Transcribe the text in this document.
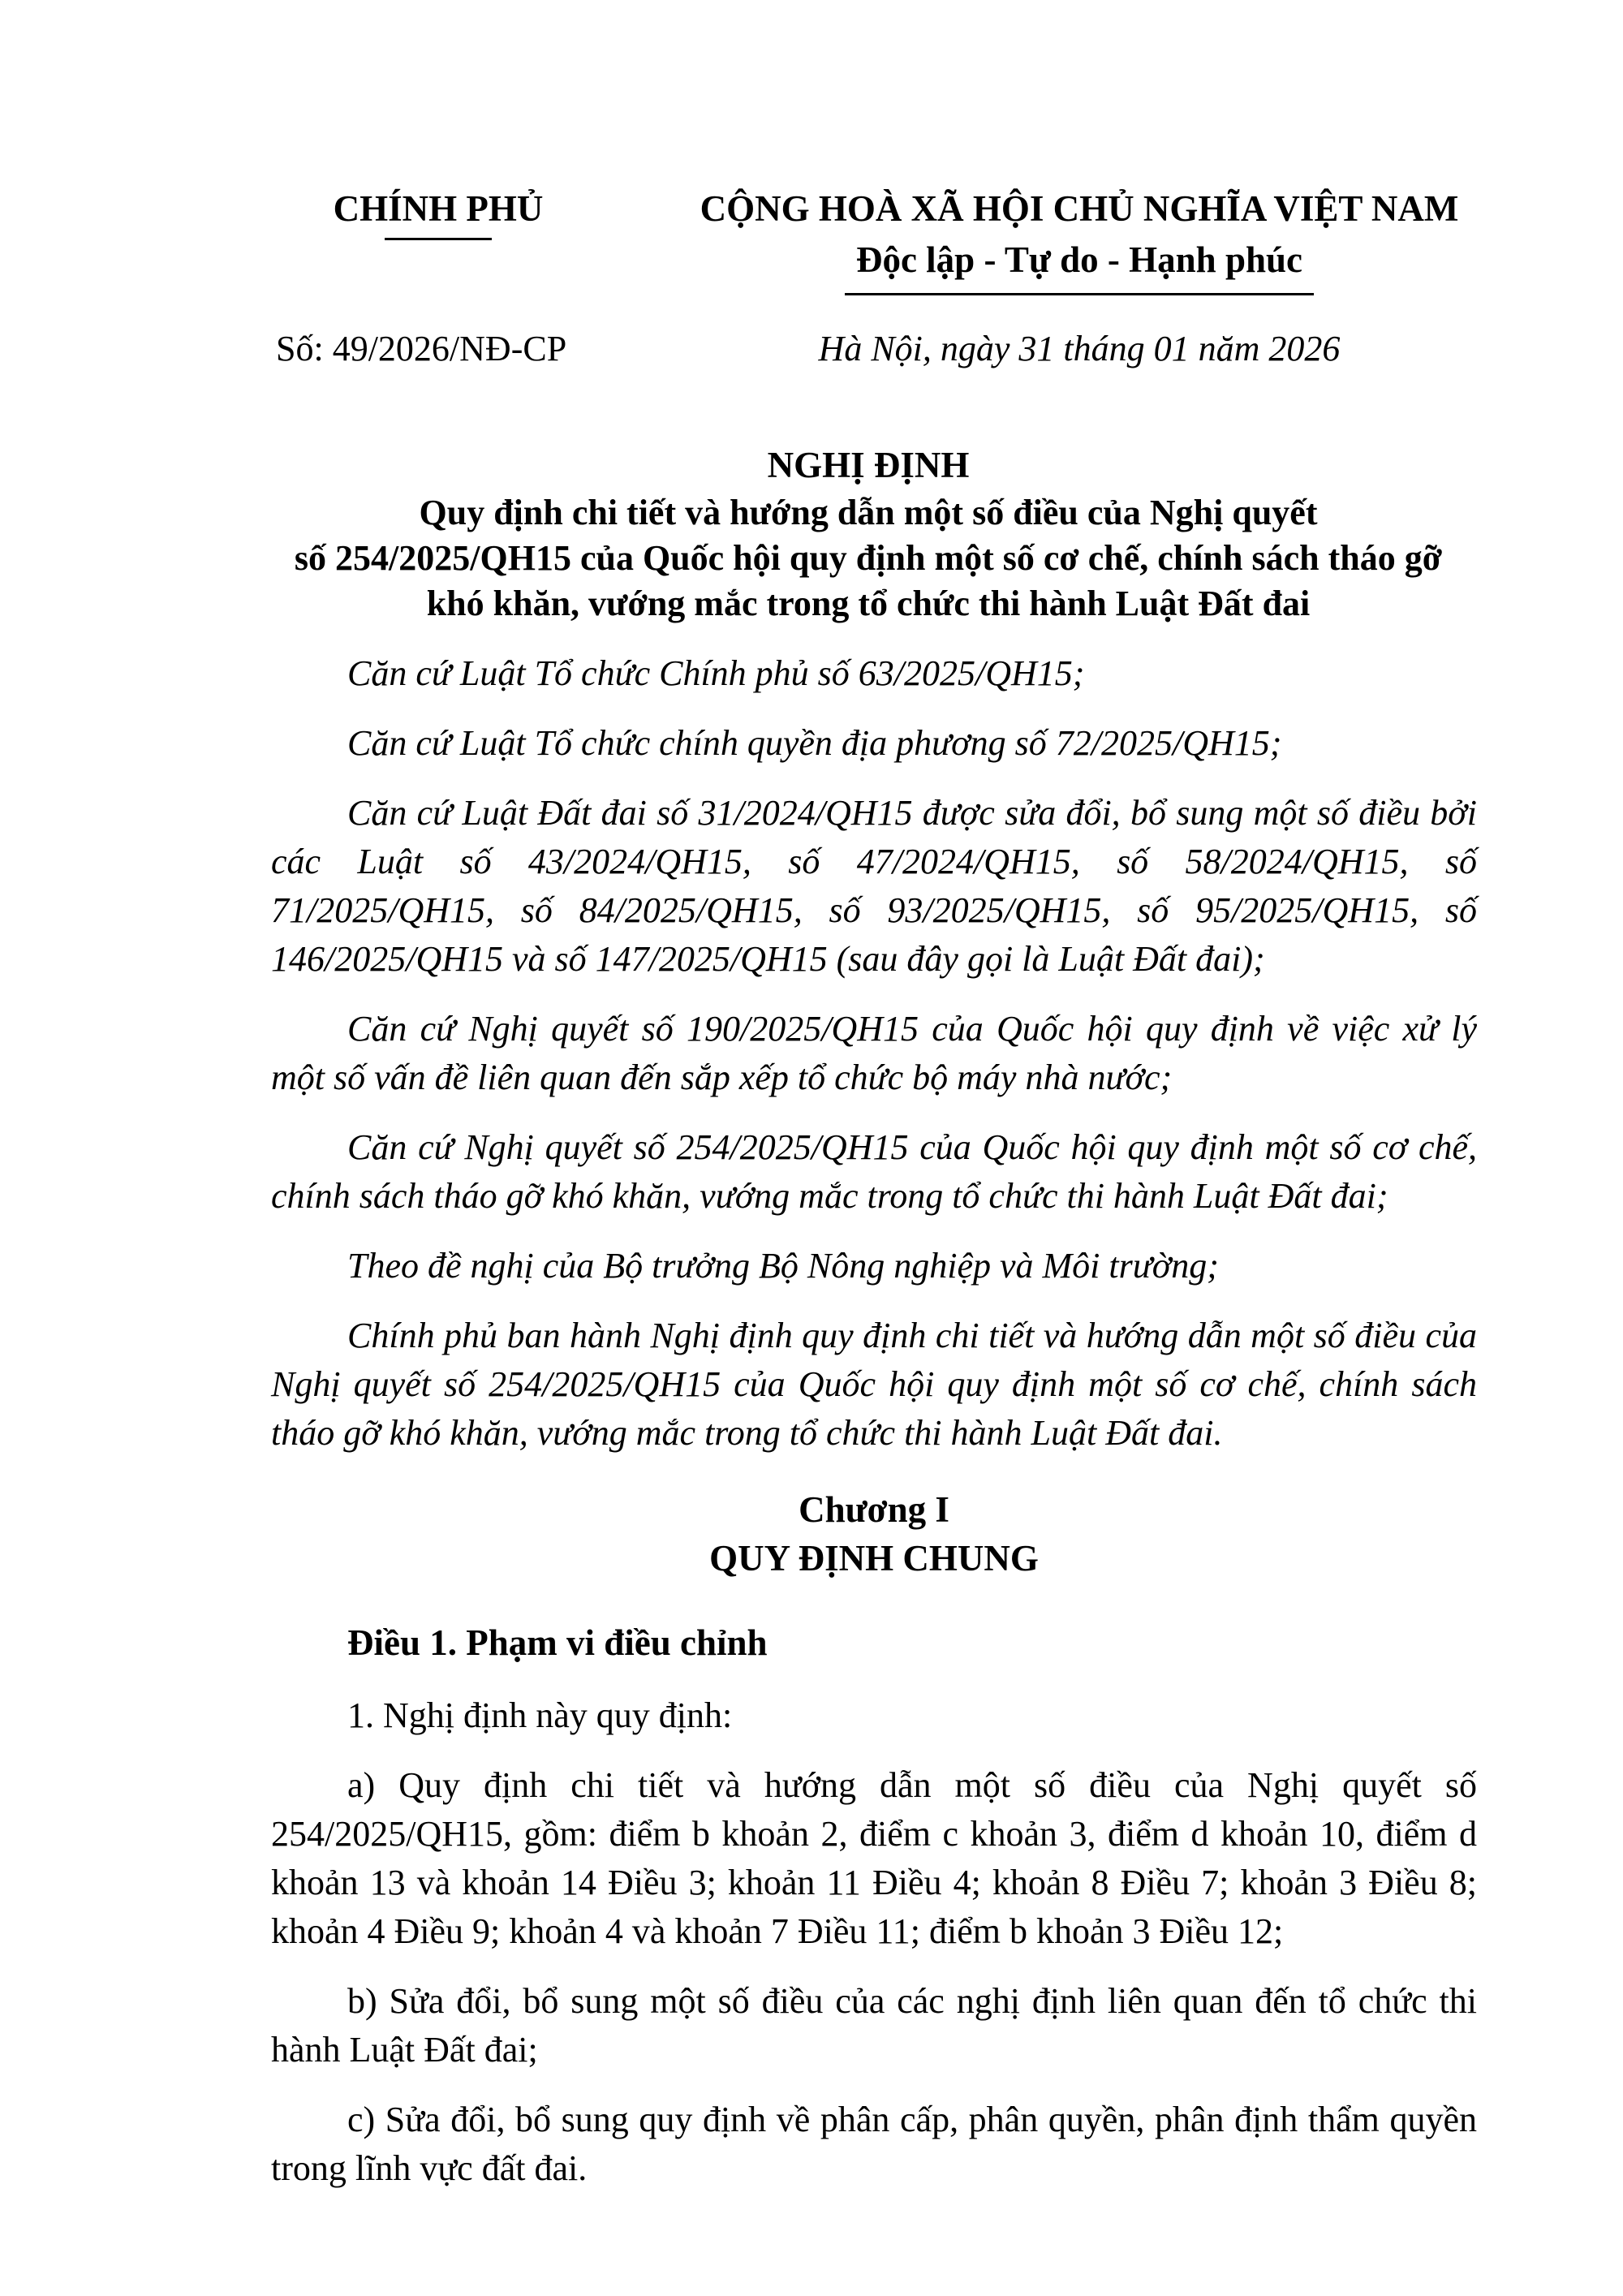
CHÍNH PHỦ	CỘNG HOÀ XÃ HỘI CHỦ NGHĨA VIỆT NAM
Độc lập - Tự do - Hạnh phúc
Số: 49/2026/NĐ-CP	Hà Nội, ngày 31 tháng 01 năm 2026
NGHỊ ĐỊNH
Quy định chi tiết và hướng dẫn một số điều của Nghị quyết
số 254/2025/QH15 của Quốc hội quy định một số cơ chế, chính sách tháo gỡ
khó khăn, vướng mắc trong tổ chức thi hành Luật Đất đai

Căn cứ Luật Tổ chức Chính phủ số 63/2025/QH15;

Căn cứ Luật Tổ chức chính quyền địa phương số 72/2025/QH15;

Căn cứ Luật Đất đai số 31/2024/QH15 được sửa đổi, bổ sung một số điều bởi các Luật số 43/2024/QH15, số 47/2024/QH15, số 58/2024/QH15, số 71/2025/QH15, số 84/2025/QH15, số 93/2025/QH15, số 95/2025/QH15, số 146/2025/QH15 và số 147/2025/QH15 (sau đây gọi là Luật Đất đai);

Căn cứ Nghị quyết số 190/2025/QH15 của Quốc hội quy định về việc xử lý một số vấn đề liên quan đến sắp xếp tổ chức bộ máy nhà nước;

Căn cứ Nghị quyết số 254/2025/QH15 của Quốc hội quy định một số cơ chế, chính sách tháo gỡ khó khăn, vướng mắc trong tổ chức thi hành Luật Đất đai;

Theo đề nghị của Bộ trưởng Bộ Nông nghiệp và Môi trường;

Chính phủ ban hành Nghị định quy định chi tiết và hướng dẫn một số điều của Nghị quyết số 254/2025/QH15 của Quốc hội quy định một số cơ chế, chính sách tháo gỡ khó khăn, vướng mắc trong tổ chức thi hành Luật Đất đai.

Chương I
QUY ĐỊNH CHUNG
Điều 1. Phạm vi điều chỉnh

1. Nghị định này quy định:

a) Quy định chi tiết và hướng dẫn một số điều của Nghị quyết số 254/2025/QH15, gồm: điểm b khoản 2, điểm c khoản 3, điểm d khoản 10, điểm d khoản 13 và khoản 14 Điều 3; khoản 11 Điều 4; khoản 8 Điều 7; khoản 3 Điều 8; khoản 4 Điều 9; khoản 4 và khoản 7 Điều 11; điểm b khoản 3 Điều 12;

b) Sửa đổi, bổ sung một số điều của các nghị định liên quan đến tổ chức thi hành Luật Đất đai;

c) Sửa đổi, bổ sung quy định về phân cấp, phân quyền, phân định thẩm quyền trong lĩnh vực đất đai.
